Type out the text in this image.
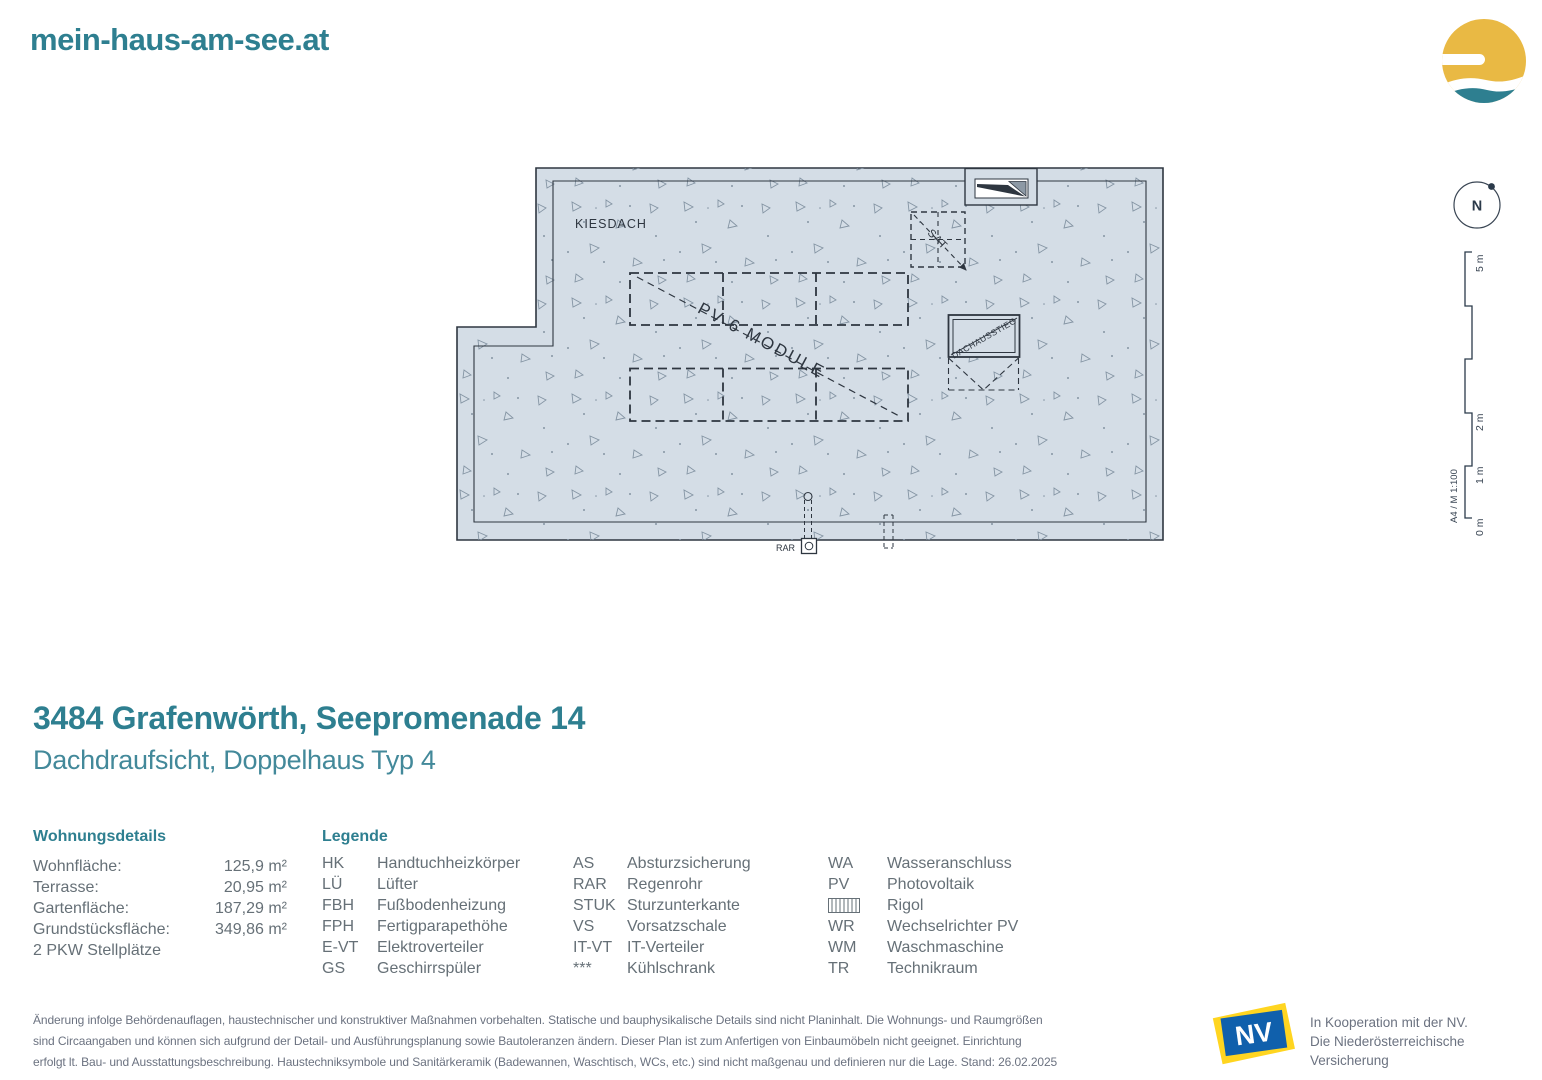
mein-haus-am-see.at
KIESDACH
SAT
PV 6 MODULE	DACHAUSSTIEG
RAR
N
5 m
2 m
1 m
0 m
A4 / M 1:100
3484 Grafenwörth, Seepromenade 14
Dachdraufsicht, Doppelhaus Typ 4
Wohnungsdetails
Wohnfläche:	125,9 m²
Terrasse:	20,95 m²
Gartenfläche:	187,29 m²
Grundstücksfläche:	349,86 m²
2 PKW Stellplätze
Legende
HK	Handtuchheizkörper
LÜ	Lüfter
FBH	Fußbodenheizung
FPH	Fertigparapethöhe
E-VT	Elektroverteiler
GS	Geschirrspüler
AS	Absturzsicherung
RAR	Regenrohr
STUK Sturzunterkante
VS	Vorsatzschale
IT-VT IT-Verteiler
***	Kühlschrank
WA	Wasseranschluss
PV	Photovoltaik
Rigol
WR	Wechselrichter PV
WM	Waschmaschine
TR	Technikraum
Änderung infolge Behördenauflagen, haustechnischer und konstruktiver Maßnahmen vorbehalten. Statische und bauphysikalische Details sind nicht Planinhalt. Die Wohnungs- und Raumgrößen
sind Circaangaben und können sich aufgrund der Detail- und Ausführungsplanung sowie Bautoleranzen ändern. Dieser Plan ist zum Anfertigen von Einbaumöbeln nicht geeignet. Einrichtung
erfolgt lt. Bau- und Ausstattungsbeschreibung. Haustechniksymbole und Sanitärkeramik (Badewannen, Waschtisch, WCs, etc.) sind nicht maßgenau und definieren nur die Lage. Stand: 26.02.2025
NV	In Kooperation mit der NV.
Die Niederösterreichische Versicherung
